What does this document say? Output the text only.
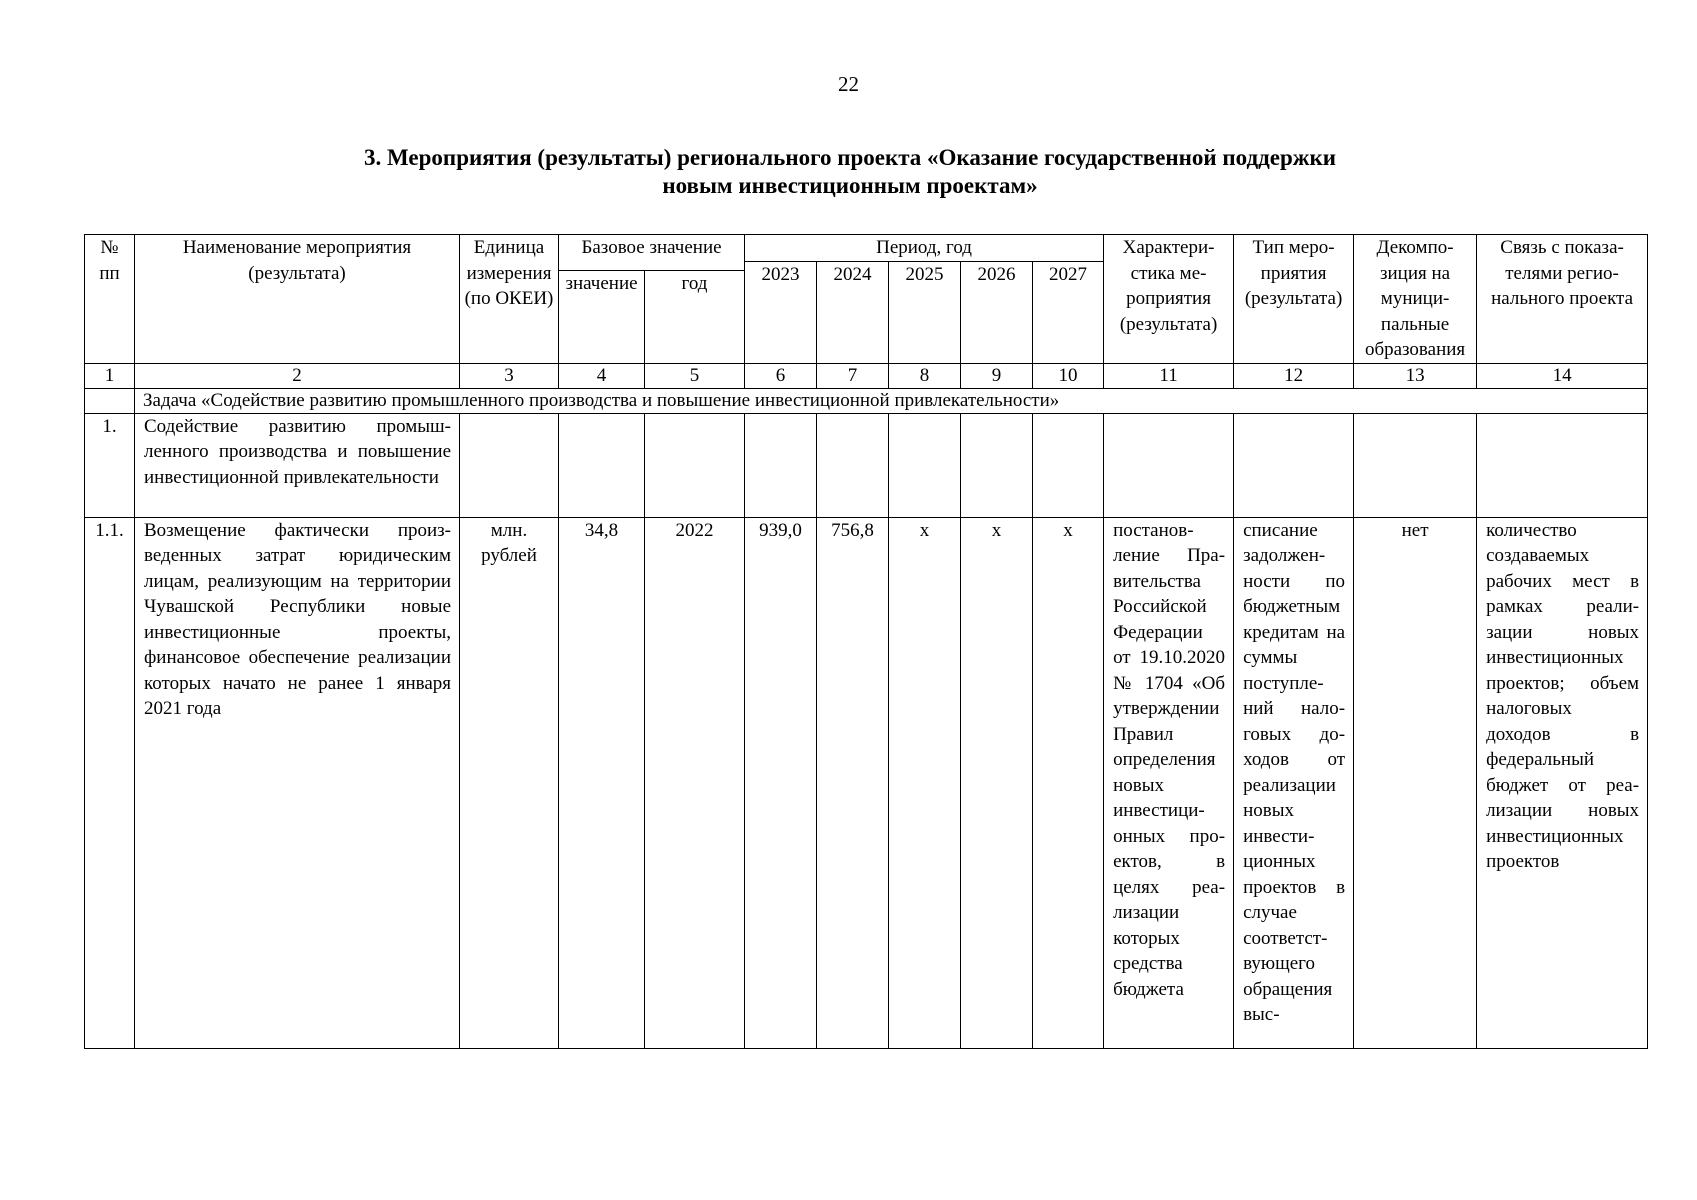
22
3. Мероприятия (результаты) регионального проекта «Оказание государственной поддержки
новым инвестиционным проектам»
№ пп	Наименование мероприятия (результата)	Единица измерения (по ОКЕИ)	Базовое значение		Период, год					Характеристика мероприятия (результата)	Тип мероприятия (результата)	Декомпозиция на муниципальные образования	Связь с показателями регионального проекта
					2023	2024	2025	2026	2027				
			значение	год									
1	2	3	4	5	6	7	8	9	10	11	12	13	14
	Задача «Содействие развитию промышленного производства и повышение инвестиционной привлекательности»												
1.	Содействие развитию промышленного производства и повышение инвестиционной привлекательности												
1.1.	Возмещение фактически произведенных затрат юридическим лицам, реализующим на территории Чувашской Республики новые инвестиционные проекты, финансовое обеспечение реализации которых начато не ранее 1 января 2021 года	млн. рублей	34,8	2022	939,0	756,8	х	х	х	постановление Правительства Российской Федерации от 19.10.2020 № 1704 «Об утверждении Правил определения новых инвестиционных проектов, в целях реализации которых средства бюджета	списание задолженности по бюджетным кредитам на суммы поступлений налоговых доходов от реализации новых инвестиционных проектов в случае соответствующего обращения выс-	нет	количество создаваемых рабочих мест в рамках реализации новых инвестиционных проектов; объем налоговых доходов в федеральный бюджет от реализации новых инвестиционных проектов
